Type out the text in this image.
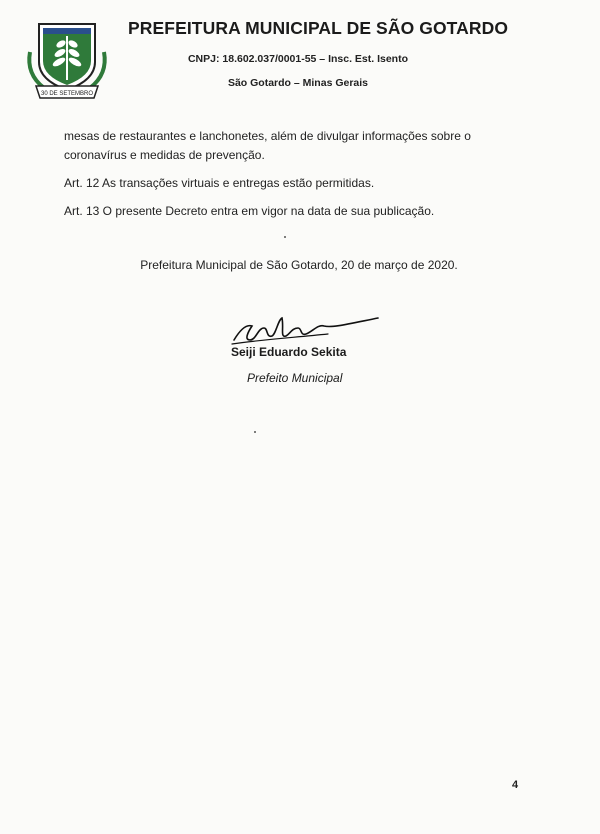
30 DE SETEMBRO
PREFEITURA MUNICIPAL DE SÃO GOTARDO
CNPJ: 18.602.037/0001-55 – Insc. Est. Isento
São Gotardo – Minas Gerais
mesas de restaurantes e lanchonetes, além de divulgar informações sobre o coronavírus e medidas de prevenção.
Art. 12 As transações virtuais e entregas estão permitidas.
Art. 13 O presente Decreto entra em vigor na data de sua publicação.
Prefeitura Municipal de São Gotardo, 20 de março de 2020.
Seiji Eduardo Sekita
Prefeito Municipal
4
